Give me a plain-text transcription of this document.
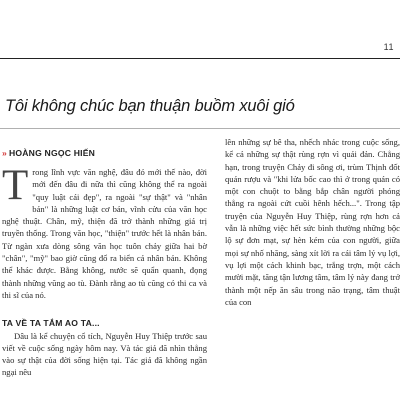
11
Tôi không chúc bạn thuận buồm xuôi gió
» HOÀNG NGỌC HIẾN

Trong lĩnh vực văn nghệ, đâu đó mới thế nào, đời mới đến đâu đi nữa thì cũng không thể ra ngoài "quy luật cái đẹp", ra ngoài "sự thật" và "nhân bản" là những luật cơ bản, vĩnh cửu của văn học nghệ thuật. Chân, mỹ, thiện đã trở thành những giá trị truyền thống. Trong văn học, "thiện" trước hết là nhân bản. Từ ngàn xưa dòng sông văn học tuôn chảy giữa hai bờ "chân", "mỹ" bao giờ cũng đổ ra biển cả nhân bản. Không thể khác được. Bằng không, nước sẽ quẩn quanh, đọng thành những vũng ao tù. Đành rằng ao tù cũng có thi ca và thi sĩ của nó.

TA VỀ TA TẮM AO TA...

Dâu là kể chuyện cổ tích, Nguyễn Huy Thiệp trước sau viết về cuộc sống ngày hôm nay. Và tác giả đã nhìn thẳng vào sự thật của đời sống hiện tại. Tác giả đã không ngần ngại nêu

lên những sự bê tha, nhếch nhác trong cuộc sống, kể cả những sự thật rùng rợn vì quái đản. Chẳng hạn, trong truyện Chảy đi sông ơi, trùm Thịnh đốt quán rượu và "khi lửa bốc cao thì ở trong quán có một con chuột to bằng bắp chân người phóng thẳng ra ngoài cứt cuồi hênh hếch...". Trong tập truyện của Nguyễn Huy Thiệp, rùng rợn hơn cả vẫn là những việc hết sức bình thường những bộc lộ sự đơn mạt, sự hèn kém của con người, giữa mọi sự nhố nhăng, sàng xít lời ra cái tâm lý vụ lợi, vụ lợi một cách khinh bạc, trắng trợn, một cách mười mặt, tăng tận lương tâm, tâm lý này đang trở thành một nếp ăn sâu trong não trạng, tâm thuật của con
